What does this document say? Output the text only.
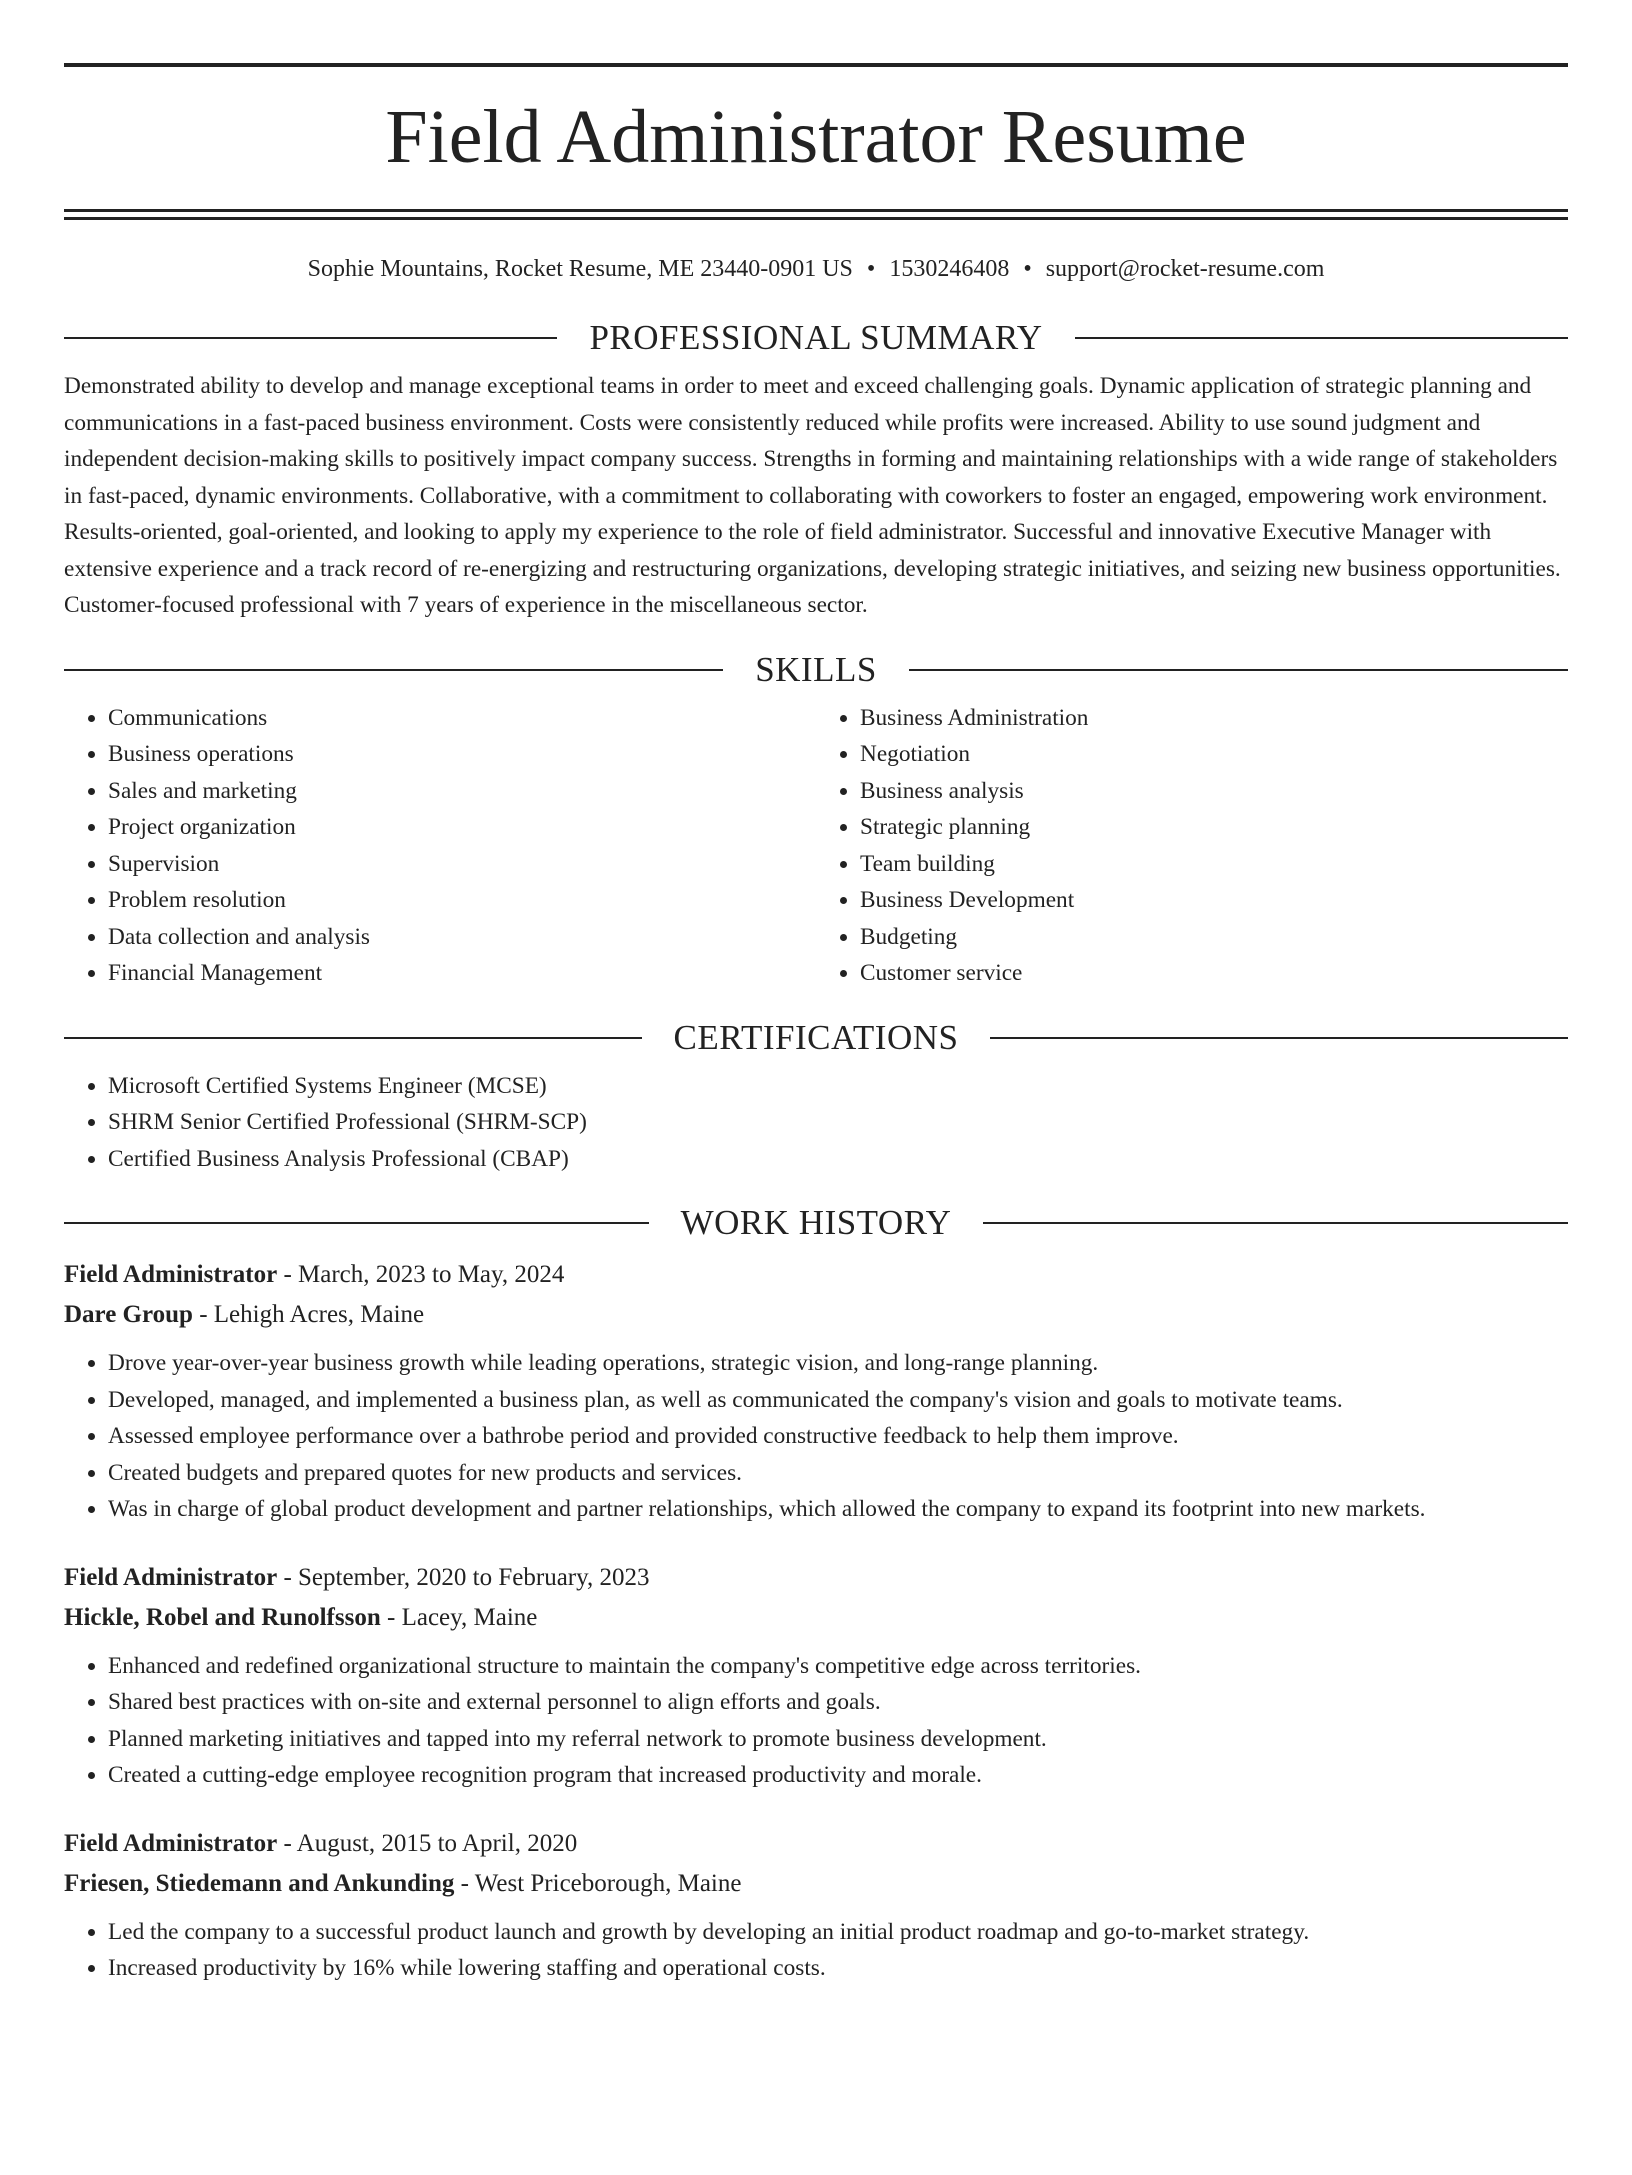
Field Administrator Resume
Sophie Mountains, Rocket Resume, ME 23440-0901 US • 1530246408 • support@rocket-resume.com
PROFESSIONAL SUMMARY
Demonstrated ability to develop and manage exceptional teams in order to meet and exceed challenging goals. Dynamic application of strategic planning and communications in a fast-paced business environment. Costs were consistently reduced while profits were increased. Ability to use sound judgment and independent decision-making skills to positively impact company success. Strengths in forming and maintaining relationships with a wide range of stakeholders in fast-paced, dynamic environments. Collaborative, with a commitment to collaborating with coworkers to foster an engaged, empowering work environment. Results-oriented, goal-oriented, and looking to apply my experience to the role of field administrator. Successful and innovative Executive Manager with extensive experience and a track record of re-energizing and restructuring organizations, developing strategic initiatives, and seizing new business opportunities. Customer-focused professional with 7 years of experience in the miscellaneous sector.
SKILLS
• Communications
• Business operations
• Sales and marketing
• Project organization
• Supervision
• Problem resolution
• Data collection and analysis
• Financial Management
• Business Administration
• Negotiation
• Business analysis
• Strategic planning
• Team building
• Business Development
• Budgeting
• Customer service
CERTIFICATIONS
• Microsoft Certified Systems Engineer (MCSE)
• SHRM Senior Certified Professional (SHRM-SCP)
• Certified Business Analysis Professional (CBAP)
WORK HISTORY
Field Administrator - March, 2023 to May, 2024
Dare Group - Lehigh Acres, Maine
• Drove year-over-year business growth while leading operations, strategic vision, and long-range planning.
• Developed, managed, and implemented a business plan, as well as communicated the company's vision and goals to motivate teams.
• Assessed employee performance over a bathrobe period and provided constructive feedback to help them improve.
• Created budgets and prepared quotes for new products and services.
• Was in charge of global product development and partner relationships, which allowed the company to expand its footprint into new markets.
Field Administrator - September, 2020 to February, 2023
Hickle, Robel and Runolfsson - Lacey, Maine
• Enhanced and redefined organizational structure to maintain the company's competitive edge across territories.
• Shared best practices with on-site and external personnel to align efforts and goals.
• Planned marketing initiatives and tapped into my referral network to promote business development.
• Created a cutting-edge employee recognition program that increased productivity and morale.
Field Administrator - August, 2015 to April, 2020
Friesen, Stiedemann and Ankunding - West Priceborough, Maine
• Led the company to a successful product launch and growth by developing an initial product roadmap and go-to-market strategy.
• Increased productivity by 16% while lowering staffing and operational costs.
